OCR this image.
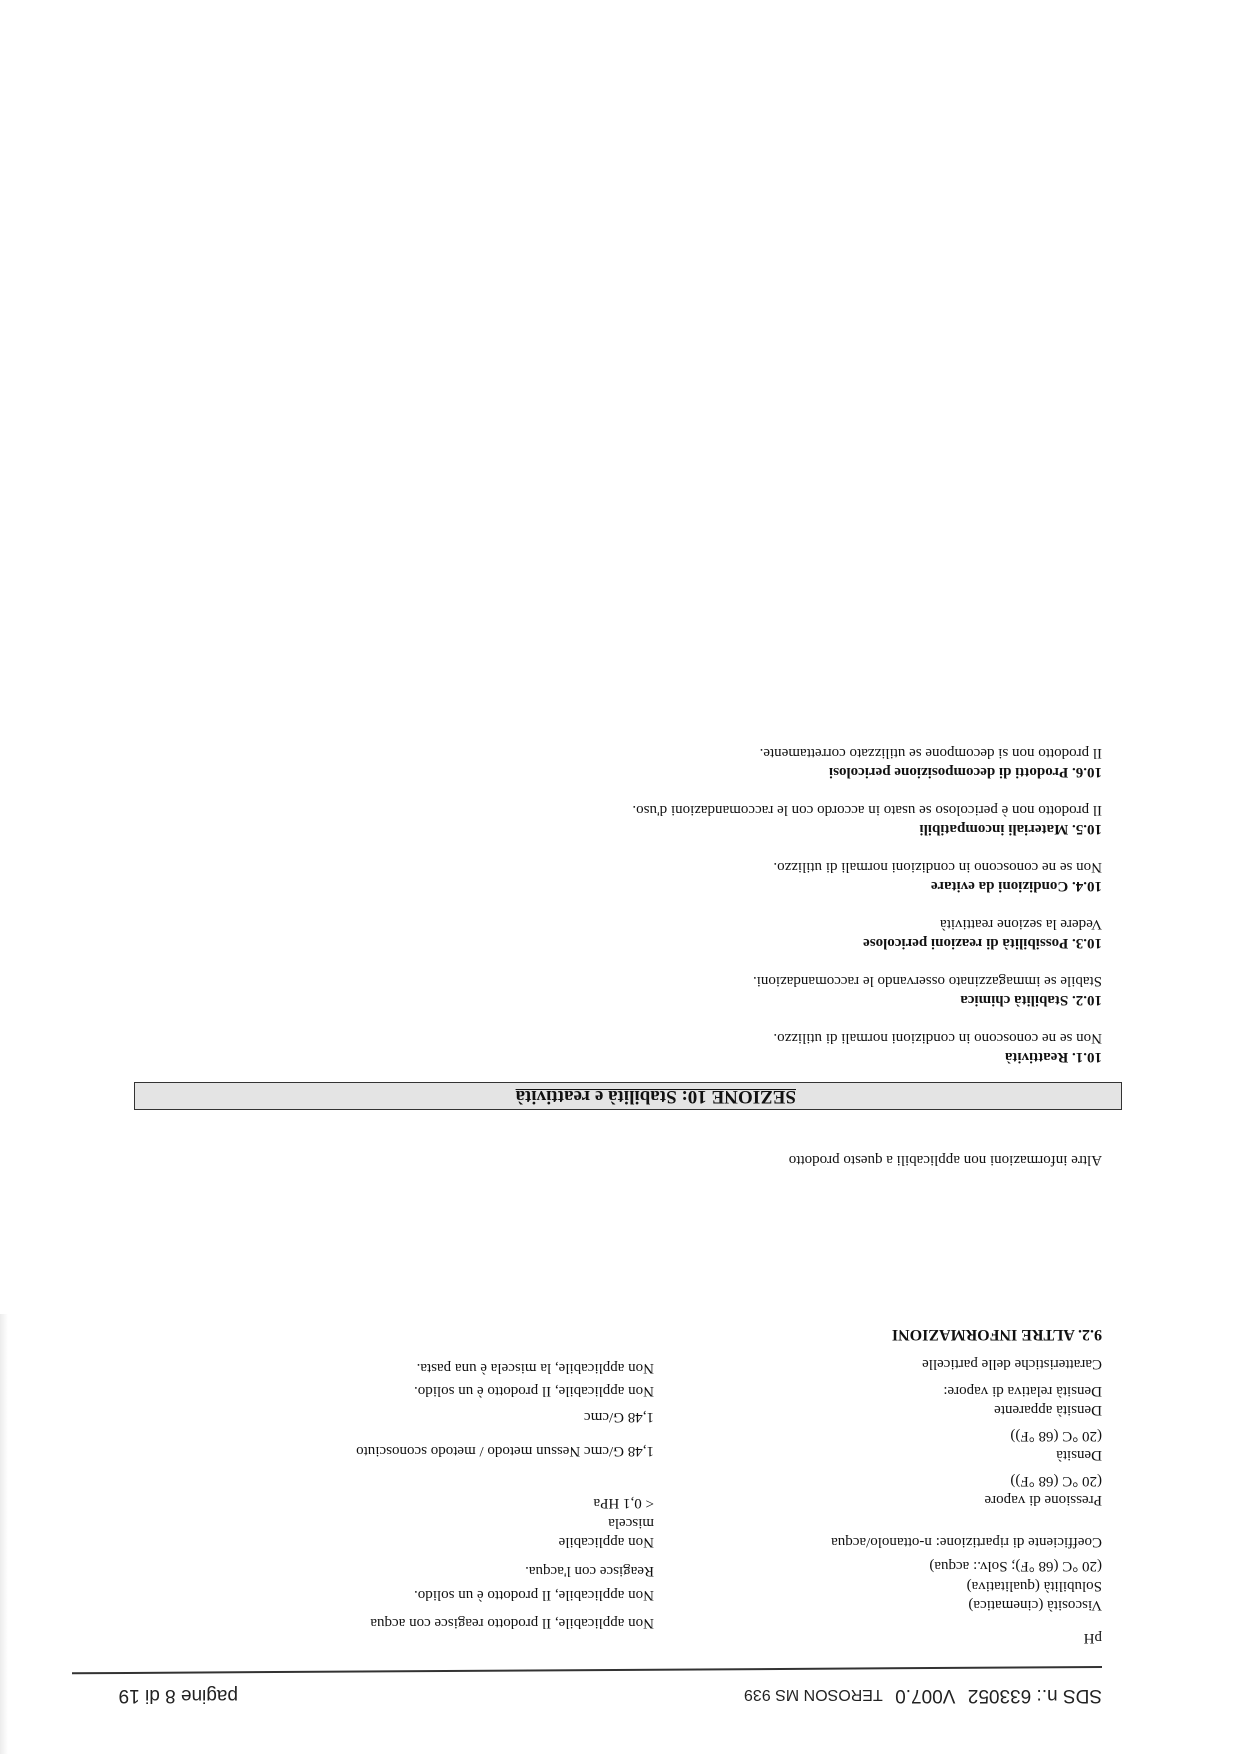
SDS n.: 633052 V007.0 TEROSON MS 939
pagine 8 di 19
pH
Non applicabile, Il prodotto reagisce con acqua
Viscosità (cinematica)
Non applicabile, Il prodotto è un solido.
Solubilità (qualitativa)
(20 °C (68 °F); Solv.: acqua)
Reagisce con l'acqua.
Coefficiente di ripartizione: n-ottanolo/acqua
Non applicabile
miscela
Pressione di vapore
< 0,1 HPa
(20 °C (68 °F))
Densità
1,48 G/cmc Nessun metodo / metodo sconosciuto
(20 °C (68 °F))
Densità apparente
1,48 G/cmc
Densità relativa di vapore:
Non applicabile, Il prodotto è un solido.
Caratteristiche delle particelle
Non applicabile, la miscela è una pasta.
9.2. ALTRE INFORMAZIONI
Altre informazioni non applicabili a questo prodotto
SEZIONE 10: Stabilità e reattività
10.1. Reattività
Non se ne conoscono in condizioni normali di utilizzo.
10.2. Stabilità chimica
Stabile se immagazzinato osservando le raccomandazioni.
10.3. Possibilità di reazioni pericolose
Vedere la sezione reattività
10.4. Condizioni da evitare
Non se ne conoscono in condizioni normali di utilizzo.
10.5. Materiali incompatibili
Il prodotto non è pericoloso se usato in accordo con le raccomandazioni d'uso.
10.6. Prodotti di decomposizione pericolosi
Il prodotto non si decompone se utilizzato correttamente.
